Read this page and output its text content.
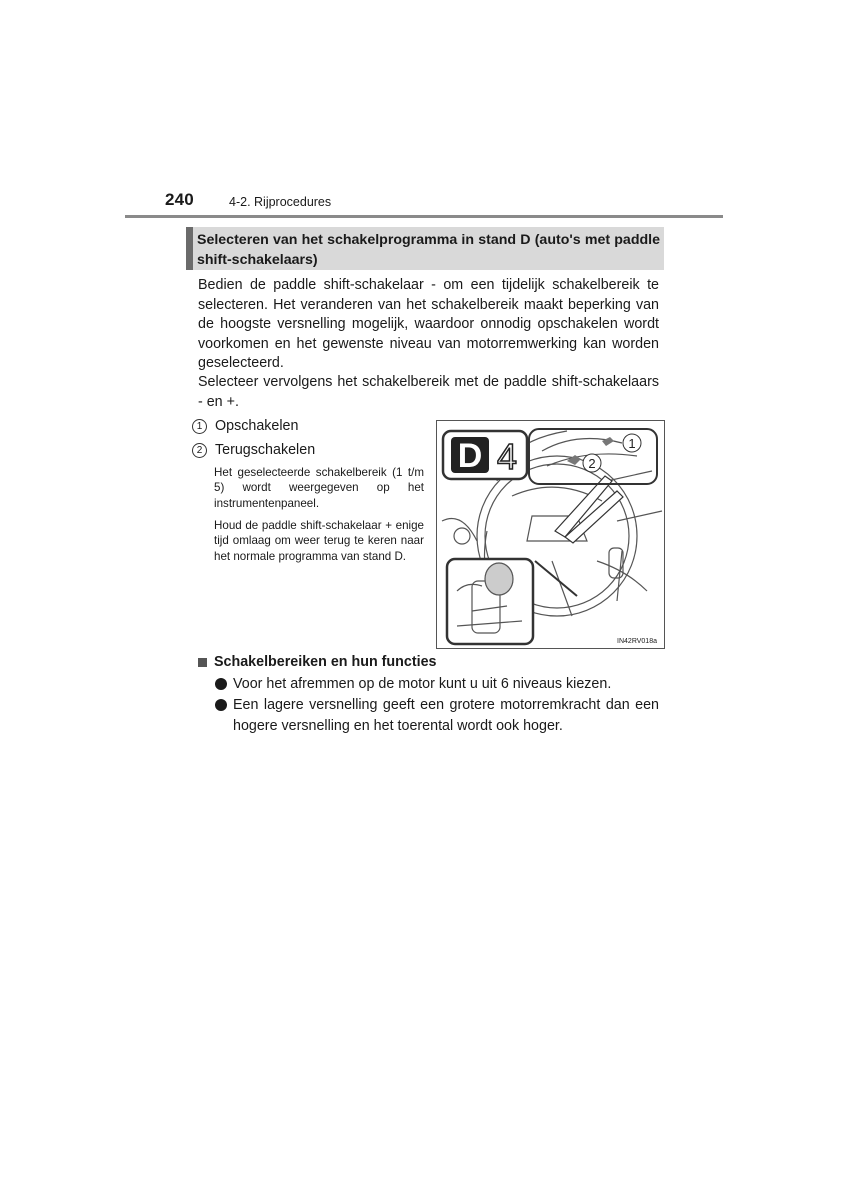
240	4-2. Rijprocedures
Selecteren van het schakelprogramma in stand D (auto's met paddle shift-schakelaars)
Bedien de paddle shift-schakelaar - om een tijdelijk schakelbereik te selecteren. Het veranderen van het schakelbereik maakt beperking van de hoogste versnelling mogelijk, waardoor onnodig opschakelen wordt voorkomen en het gewenste niveau van motorremwerking kan worden geselecteerd.
Selecteer vervolgens het schakelbereik met de paddle shift-schakelaars - en +.
1 Opschakelen
2 Terugschakelen
Het geselecteerde schakelbereik (1 t/m 5) wordt weergegeven op het instrumentenpaneel.
Houd de paddle shift-schakelaar + enige tijd omlaag om weer terug te keren naar het normale programma van stand D.
D 4	1
2
IN42RV018a
Schakelbereiken en hun functies
Voor het afremmen op de motor kunt u uit 6 niveaus kiezen.
Een lagere versnelling geeft een grotere motorremkracht dan een hogere versnelling en het toerental wordt ook hoger.
